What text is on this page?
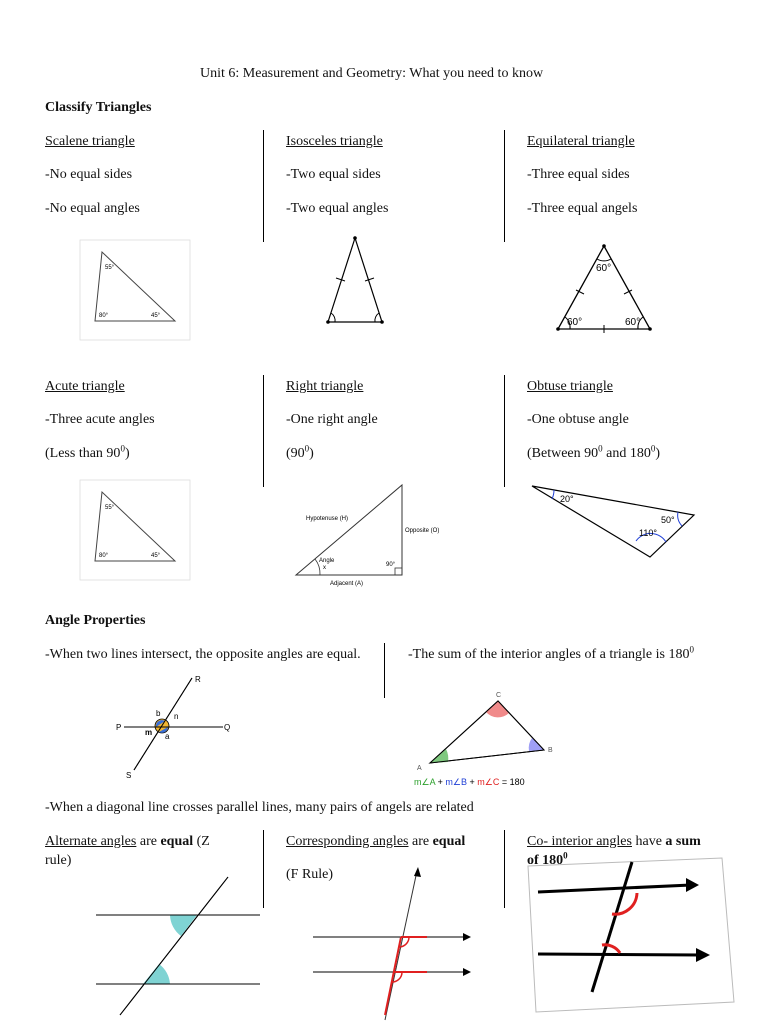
Unit 6: Measurement and Geometry: What you need to know
Classify Triangles
Scalene triangle
-No equal sides
-No equal angles
Isosceles triangle
-Two equal sides
-Two equal angles
Equilateral triangle
-Three equal sides
-Three equal angels
55°
80°	45°
60°
60°	60°
Acute triangle
-Three acute angles
(Less than $90^0$)
Right triangle
-One right angle
$(90^0)$
Obtuse triangle
-One obtuse angle
(Between $90^0$ and $180^0$)
55°
80°	45°
Hypotenuse (H)
Opposite (O)
Adjacent (A)
Angle
x	90°
20°
50°
110°
Angle Properties
-When two lines intersect, the opposite angles are equal.	-The sum of the interior angles of a triangle is $180^0$
R
P	Q
S
b n
m a
C
A
B
m∠A + m∠B + m∠C = 180
-When a diagonal line crosses parallel lines, many pairs of angels are related
Alternate angles are equal (Z
rule)
Corresponding angles are equal
(F Rule)
Co- interior angles have a sum
of $180^0$
